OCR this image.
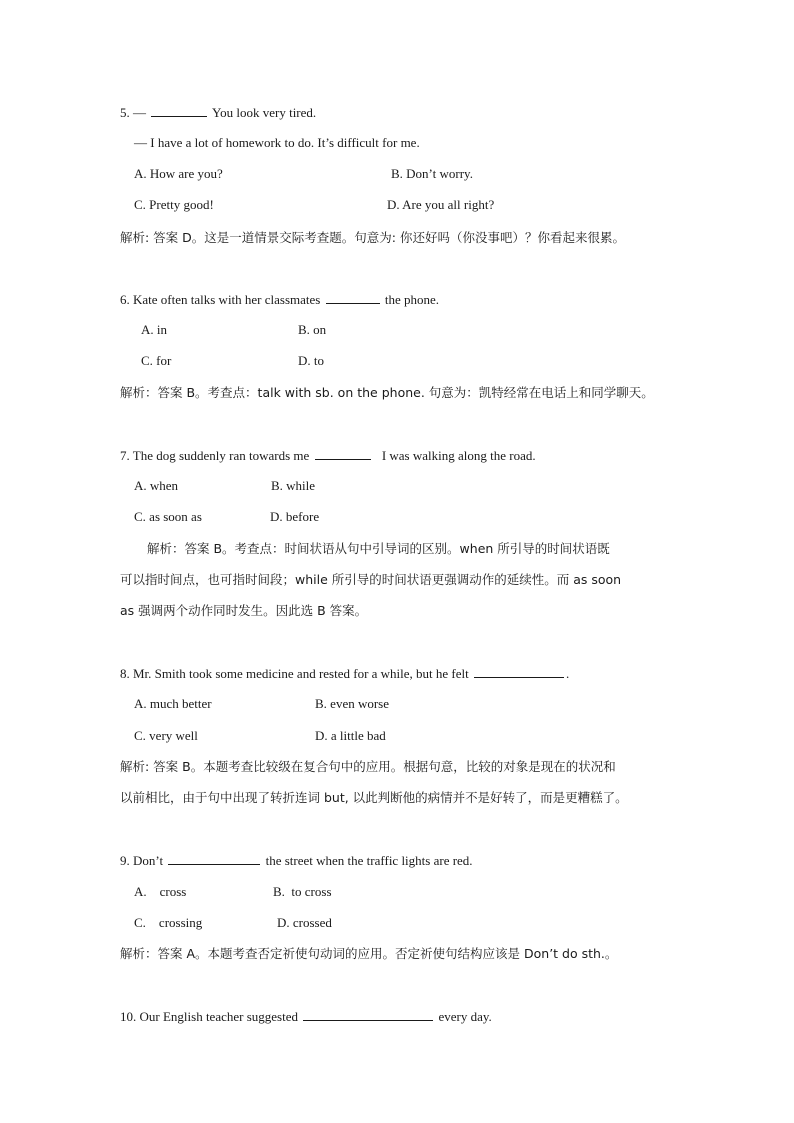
5. —	You look very tired.
— I have a lot of homework to do. It’s difficult for me.
A. How are you?	B. Don’t worry.
C. Pretty good!	D. Are you all right?
解析: 答案 D。这是一道情景交际考查题。句意为: 你还好吗（你没事吧）？你看起来很累。
6. Kate often talks with her classmates	the phone.
A. in	B. on
C. for	D. to
解析：答案 B。考查点：talk with sb. on the phone. 句意为：凯特经常在电话上和同学聊天。
7. The dog suddenly ran towards me	I was walking along the road.
A. when	B. while
C. as soon as	D. before
解析：答案 B。考查点：时间状语从句中引导词的区别。when 所引导的时间状语既
可以指时间点，也可指时间段；while 所引导的时间状语更强调动作的延续性。而 as soon
as 强调两个动作同时发生。因此选 B 答案。
8. Mr. Smith took some medicine and rested for a while, but he felt	.
A. much better	B. even worse
C. very well	D. a little bad
解析: 答案 B。本题考查比较级在复合句中的应用。根据句意，比较的对象是现在的状况和
以前相比，由于句中出现了转折连词 but, 以此判断他的病情并不是好转了，而是更糟糕了。
9. Don’t	the street when the traffic lights are red.
A.    cross	B.  to cross
C.    crossing	D. crossed
解析：答案 A。本题考查否定祈使句动词的应用。否定祈使句结构应该是 Don’t do sth.。
10. Our English teacher suggested	every day.
